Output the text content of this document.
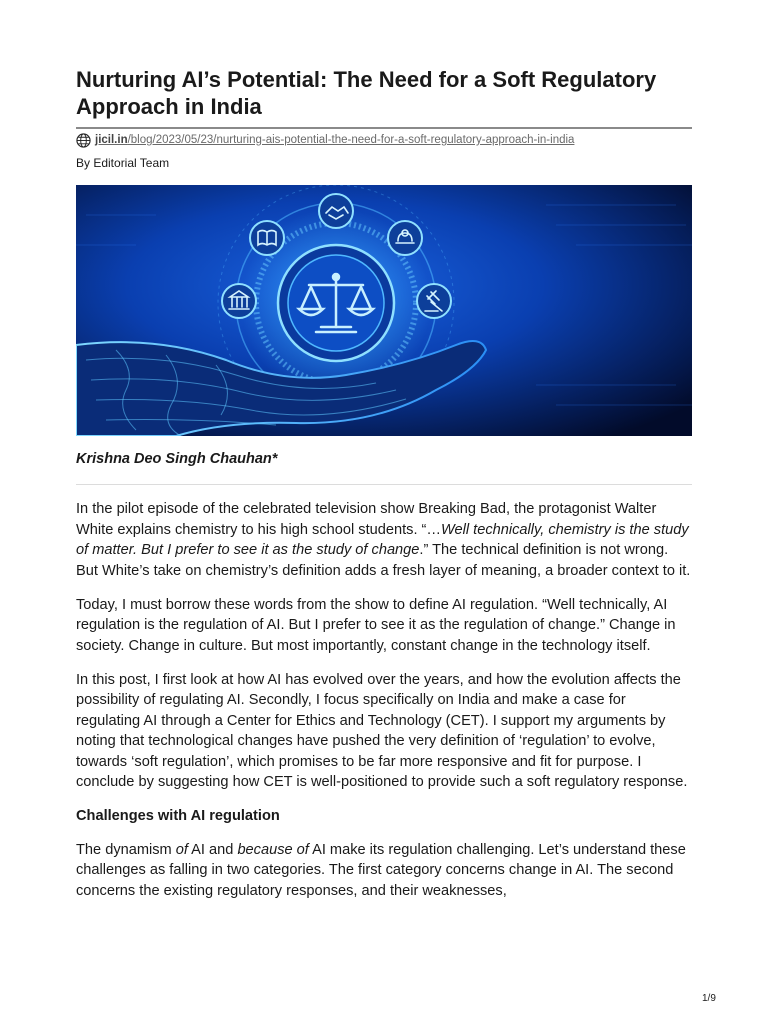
Nurturing AI’s Potential: The Need for a Soft Regulatory Approach in India
jicil.in/blog/2023/05/23/nurturing-ais-potential-the-need-for-a-soft-regulatory-approach-in-india
By Editorial Team
Krishna Deo Singh Chauhan*

In the pilot episode of the celebrated television show Breaking Bad, the protagonist Walter White explains chemistry to his high school students. “…Well technically, chemistry is the study of matter. But I prefer to see it as the study of change.” The technical definition is not wrong. But White’s take on chemistry’s definition adds a fresh layer of meaning, a broader context to it.

Today, I must borrow these words from the show to define AI regulation. “Well technically, AI regulation is the regulation of AI. But I prefer to see it as the regulation of change.” Change in society. Change in culture. But most importantly, constant change in the technology itself.

In this post, I first look at how AI has evolved over the years, and how the evolution affects the possibility of regulating AI. Secondly, I focus specifically on India and make a case for regulating AI through a Center for Ethics and Technology (CET). I support my arguments by noting that technological changes have pushed the very definition of ‘regulation’ to evolve, towards ‘soft regulation’, which promises to be far more responsive and fit for purpose. I conclude by suggesting how CET is well-positioned to provide such a soft regulatory response.

Challenges with AI regulation

The dynamism of AI and because of AI make its regulation challenging. Let’s understand these challenges as falling in two categories. The first category concerns change in AI. The second concerns the existing regulatory responses, and their weaknesses,

1/9
